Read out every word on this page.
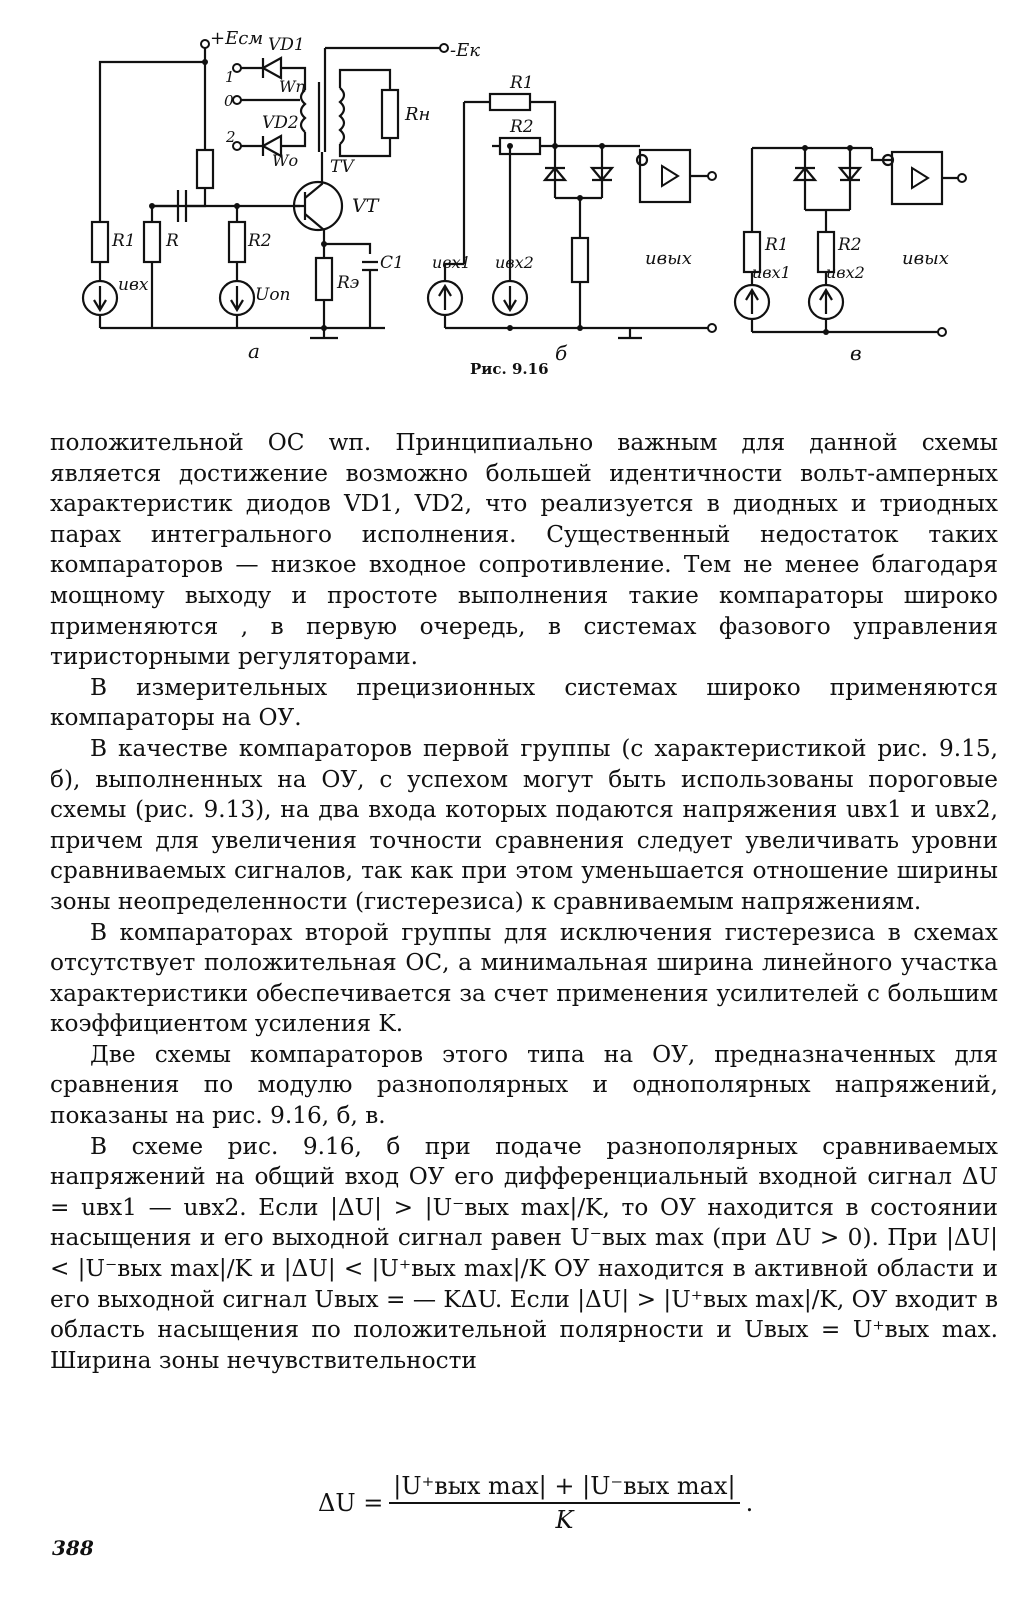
+Eсм
-Eк
VD1
VD2
Wп
Wо
Rн
TV
VT
1
0
2
R1 R	R2
Rэ
C1
uвх	Uоп
а
R1
R2
uвх1 uвх2	uвых
б
R1	R2
uвх1 uвх2
uвых
в
Рис. 9.16

положительной ОС wп. Принципиально важным для данной схемы является достижение возможно большей идентичности вольт-амперных характеристик диодов VD1, VD2, что реализуется в диодных и триодных парах интегрального исполнения. Существенный недостаток таких компараторов — низкое входное сопротивление. Тем не менее благодаря мощному выходу и простоте выполнения такие компараторы широко применяются , в первую очередь, в системах фазового управления тиристорными регуляторами.

В измерительных прецизионных системах широко применяются компараторы на ОУ.

В качестве компараторов первой группы (с характеристикой рис. 9.15, б), выполненных на ОУ, с успехом могут быть использованы пороговые схемы (рис. 9.13), на два входа которых подаются напряжения uвх1 и uвх2, причем для увеличения точности сравнения следует увеличивать уровни сравниваемых сигналов, так как при этом уменьшается отношение ширины зоны неопределенности (гистерезиса) к сравниваемым напряжениям.

В компараторах второй группы для исключения гистерезиса в схемах отсутствует положительная ОС, а минимальная ширина линейного участка характеристики обеспечивается за счет применения усилителей с большим коэффициентом усиления K.

Две схемы компараторов этого типа на ОУ, предназначенных для сравнения по модулю разнополярных и однополярных напряжений, показаны на рис. 9.16, б, в.

В схеме рис. 9.16, б при подаче разнополярных сравниваемых напряжений на общий вход ОУ его дифференциальный входной сигнал ΔU = uвх1 — uвх2. Если |ΔU| > |U⁻вых max|/K, то ОУ находится в состоянии насыщения и его выходной сигнал равен U⁻вых max (при ΔU > 0). При |ΔU| < |U⁻вых max|/K и |ΔU| < |U⁺вых max|/K ОУ находится в активной области и его выходной сигнал Uвых = — KΔU. Если |ΔU| > |U⁺вых max|/K, ОУ входит в область насыщения по положительной полярности и Uвых = U⁺вых max. Ширина зоны нечувствительности

$\Delta U = \frac{\text{|U⁺вых max| + |U⁻вых max|}}{K}$ .
388
